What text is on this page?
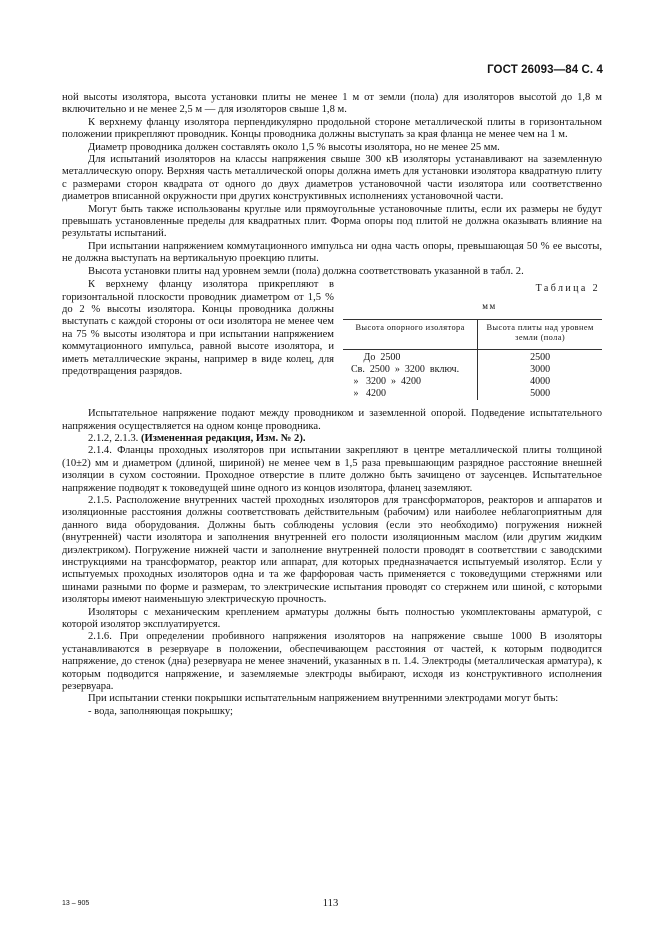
ГОСТ 26093—84 С. 4

ной высоты изолятора, высота установки плиты не менее 1 м от земли (пола) для изоляторов высотой до 1,8 м включительно и не менее 2,5 м — для изоляторов свыше 1,8 м.

К верхнему фланцу изолятора перпендикулярно продольной стороне металлической плиты в горизонтальном положении прикрепляют проводник. Концы проводника должны выступать за края фланца не менее чем на 1 м.

Диаметр проводника должен составлять около 1,5 % высоты изолятора, но не менее 25 мм.

Для испытаний изоляторов на классы напряжения свыше 300 кВ изоляторы устанавливают на заземленную металлическую опору. Верхняя часть металлической опоры должна иметь для установки изолятора квадратную плиту с размерами сторон квадрата от одного до двух диаметров установочной части изолятора или соответственно диаметров вписанной окружности при других конструктивных исполнениях установочной части.

Могут быть также использованы круглые или прямоугольные установочные плиты, если их размеры не будут превышать установленные пределы для квадратных плит. Форма опоры под плитой не должна оказывать влияние на результаты испытаний.

При испытании напряжением коммутационного импульса ни одна часть опоры, превышающая 50 % ее высоты, не должна выступать на вертикальную проекцию плиты.

Высота установки плиты над уровнем земли (пола) должна соответствовать указанной в табл. 2.

К верхнему фланцу изолятора прикрепляют в горизонтальной плоскости проводник диаметром от 1,5 % до 2 % высоты изолятора. Концы проводника должны выступать с каждой стороны от оси изолятора не менее чем на 75 % высоты изолятора и при испытании напряжением коммутационного импульса, равной высоте изолятора, и иметь металлические экраны, например в виде колец, для предотвращения разрядов.

Таблица 2
мм
Высота опорного изолятора	Высота плиты над уровнем земли (пола)
До  2500	2500
Св.  2500  »  3200  включ.	3000
»   3200  »  4200	4000
»   4200	5000

Испытательное напряжение подают между проводником и заземленной опорой. Подведение испытательного напряжения осуществляется на одном конце проводника.

2.1.2, 2.1.3. (Измененная редакция, Изм. № 2).

2.1.4. Фланцы проходных изоляторов при испытании закрепляют в центре металлической плиты толщиной (10±2) мм и диаметром (длиной, шириной) не менее чем в 1,5 раза превышающим разрядное расстояние внешней изоляции в сухом состоянии. Проходное отверстие в плите должно быть зачищено от заусенцев. Испытательное напряжение подводят к токоведущей шине одного из концов изолятора, фланец заземляют.

2.1.5. Расположение внутренних частей проходных изоляторов для трансформаторов, реакторов и аппаратов и изоляционные расстояния должны соответствовать действительным (рабочим) или наиболее неблагоприятным для данного вида оборудования. Должны быть соблюдены условия (если это необходимо) погружения нижней (внутренней) части изолятора и заполнения внутренней его полости изоляционным маслом (или другим жидким диэлектриком). Погружение нижней части и заполнение внутренней полости проводят в соответствии с заводскими инструкциями на трансформатор, реактор или аппарат, для которых предназначается испытуемый изолятор. Если у испытуемых проходных изоляторов одна и та же фарфоровая часть применяется с токоведущими стержнями или шинами разными по форме и размерам, то электрические испытания проводят со стержнем или шиной, с которыми изоляторы имеют наименьшую электрическую прочность.

Изоляторы с механическим креплением арматуры должны быть полностью укомплектованы арматурой, с которой изолятор эксплуатируется.

2.1.6. При определении пробивного напряжения изоляторов на напряжение свыше 1000 В изоляторы устанавливаются в резервуаре в положении, обеспечивающем расстояния от частей, к которым подводится напряжение, до стенок (дна) резервуара не менее значений, указанных в п. 1.4. Электроды (металлическая арматура), к которым подводится напряжение, и заземляемые электроды выбирают, исходя из конструктивного исполнения резервуара.

При испытании стенки покрышки испытательным напряжением внутренними электродами могут быть:

- вода, заполняющая покрышку;

13 – 905	113
